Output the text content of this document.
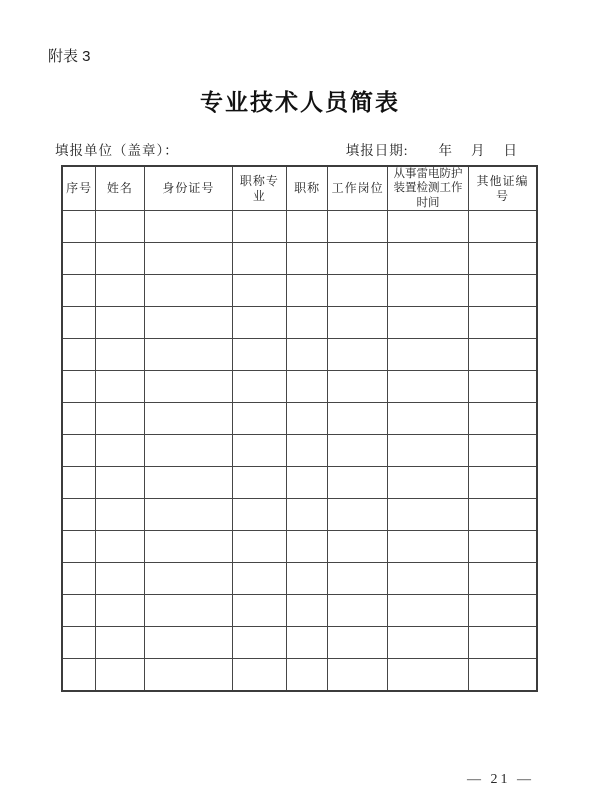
附表 3
专业技术人员简表
填报单位（盖章）：	填报日期: 年 月 日
序号	姓名	身份证号	职称专业	职称	工作岗位	从事雷电防护装置检测工作时间	其他证编号

— 21 —
